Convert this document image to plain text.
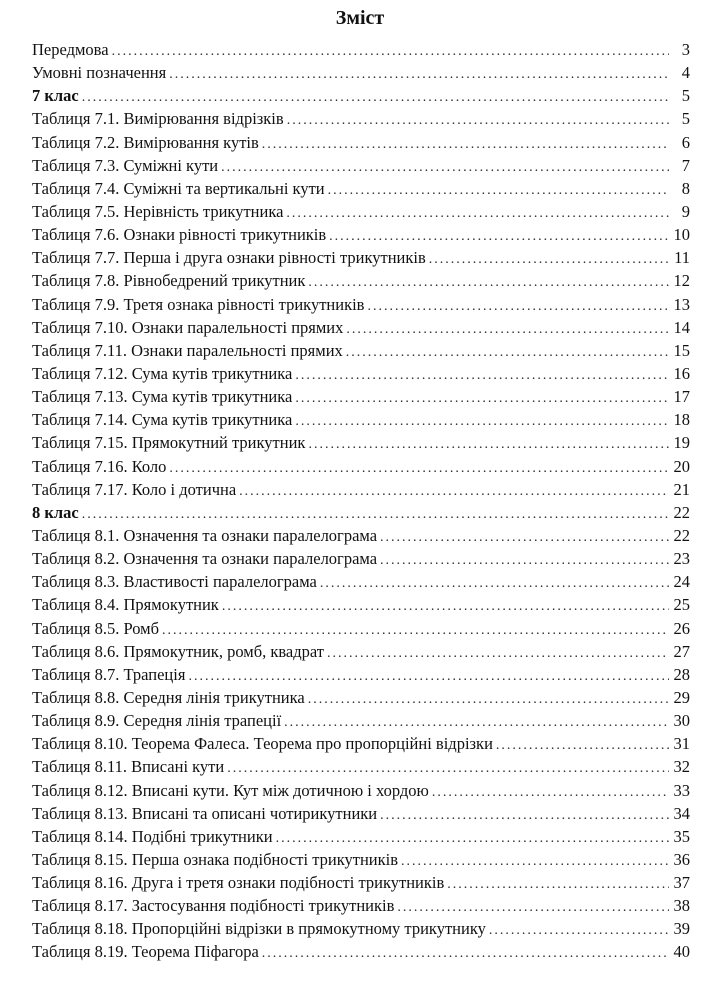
Зміст
Передмова .....	3
Умовні позначення .....	4
7 клас .....	5
Таблиця 7.1. Вимірювання відрізків .....	5
Таблиця 7.2. Вимірювання кутів .....	6
Таблиця 7.3. Суміжні кути .....	7
Таблиця 7.4. Суміжні та вертикальні кути .....	8
Таблиця 7.5. Нерівність трикутника .....	9
Таблиця 7.6. Ознаки рівності трикутників .....	10
Таблиця 7.7. Перша і друга ознаки рівності трикутників .....	11
Таблиця 7.8. Рівнобедрений трикутник .....	12
Таблиця 7.9. Третя ознака рівності трикутників .....	13
Таблиця 7.10. Ознаки паралельності прямих .....	14
Таблиця 7.11. Ознаки паралельності прямих .....	15
Таблиця 7.12. Сума кутів трикутника .....	16
Таблиця 7.13. Сума кутів трикутника .....	17
Таблиця 7.14. Сума кутів трикутника .....	18
Таблиця 7.15. Прямокутний трикутник .....	19
Таблиця 7.16. Коло .....	20
Таблиця 7.17. Коло і дотична .....	21
8 клас .....	22
Таблиця 8.1. Означення та ознаки паралелограма .....	22
Таблиця 8.2. Означення та ознаки паралелограма .....	23
Таблиця 8.3. Властивості паралелограма .....	24
Таблиця 8.4. Прямокутник .....	25
Таблиця 8.5. Ромб .....	26
Таблиця 8.6. Прямокутник, ромб, квадрат .....	27
Таблиця 8.7. Трапеція .....	28
Таблиця 8.8. Середня лінія трикутника .....	29
Таблиця 8.9. Середня лінія трапеції .....	30
Таблиця 8.10. Теорема Фалеса. Теорема про пропорційні відрізки .....	31
Таблиця 8.11. Вписані кути .....	32
Таблиця 8.12. Вписані кути. Кут між дотичною і хордою .....	33
Таблиця 8.13. Вписані та описані чотирикутники .....	34
Таблиця 8.14. Подібні трикутники .....	35
Таблиця 8.15. Перша ознака подібності трикутників .....	36
Таблиця 8.16. Друга і третя ознаки подібності трикутників .....	37
Таблиця 8.17. Застосування подібності трикутників .....	38
Таблиця 8.18. Пропорційні відрізки в прямокутному трикутнику .....	39
Таблиця 8.19. Теорема Піфагора .....	40
